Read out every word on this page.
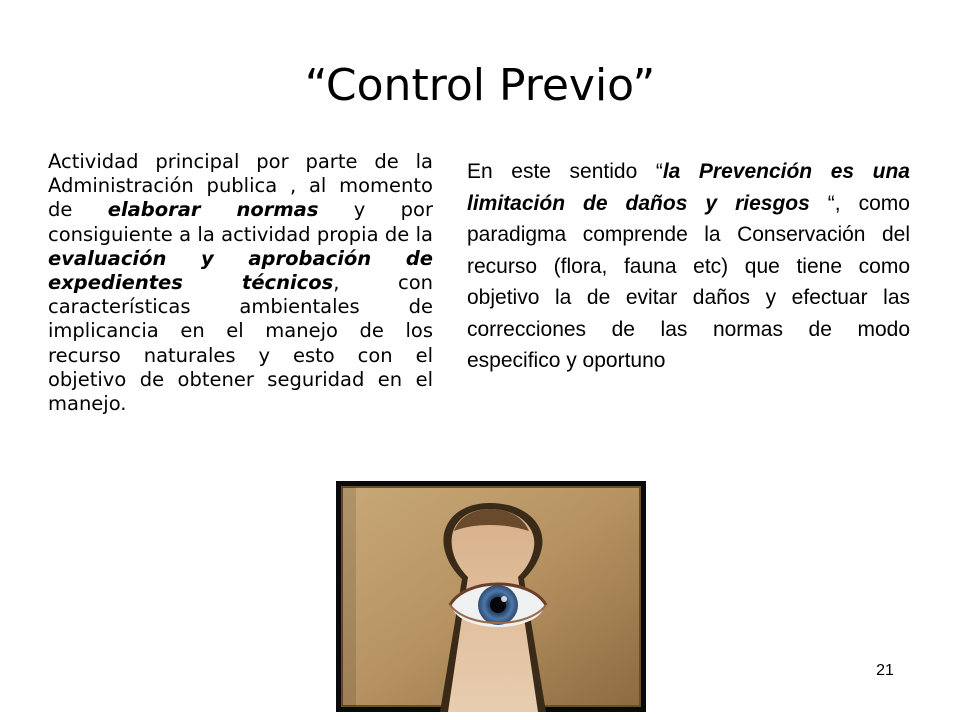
“Control Previo”
Actividad principal por parte de la Administración publica , al momento de elaborar normas y por consiguiente a la actividad propia de la evaluación y aprobación de expedientes técnicos, con características ambientales de implicancia en el manejo de los recurso naturales y esto con el objetivo de obtener seguridad en el manejo.
En este sentido “la Prevención es una limitación de daños y riesgos “, como paradigma comprende la Conservación del recurso (flora, fauna etc) que tiene como objetivo la de evitar daños y efectuar las correcciones de las normas de modo especifico y oportuno
21
